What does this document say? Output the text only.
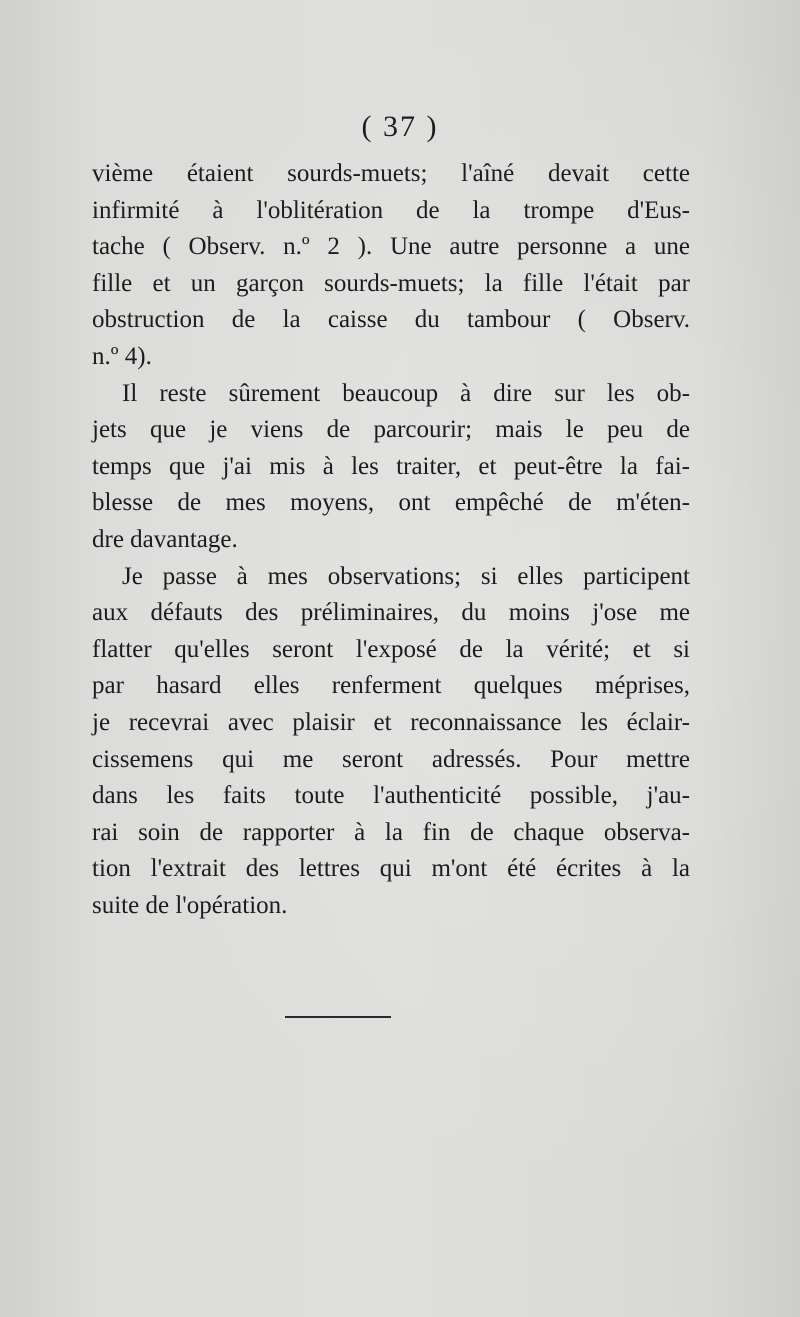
( 37 )
vième étaient sourds-muets; l'aîné devait cette
infirmité à l'oblitération de la trompe d'Eus-
tache ( Observ. n.º 2 ). Une autre personne a une
fille et un garçon sourds-muets; la fille l'était par
obstruction de la caisse du tambour ( Observ.
n.º 4).
Il reste sûrement beaucoup à dire sur les ob-
jets que je viens de parcourir; mais le peu de
temps que j'ai mis à les traiter, et peut-être la fai-
blesse de mes moyens, ont empêché de m'éten-
dre davantage.
Je passe à mes observations; si elles participent
aux défauts des préliminaires, du moins j'ose me
flatter qu'elles seront l'exposé de la vérité; et si
par hasard elles renferment quelques méprises,
je recevrai avec plaisir et reconnaissance les éclair-
cissemens qui me seront adressés. Pour mettre
dans les faits toute l'authenticité possible, j'au-
rai soin de rapporter à la fin de chaque observa-
tion l'extrait des lettres qui m'ont été écrites à la
suite de l'opération.
